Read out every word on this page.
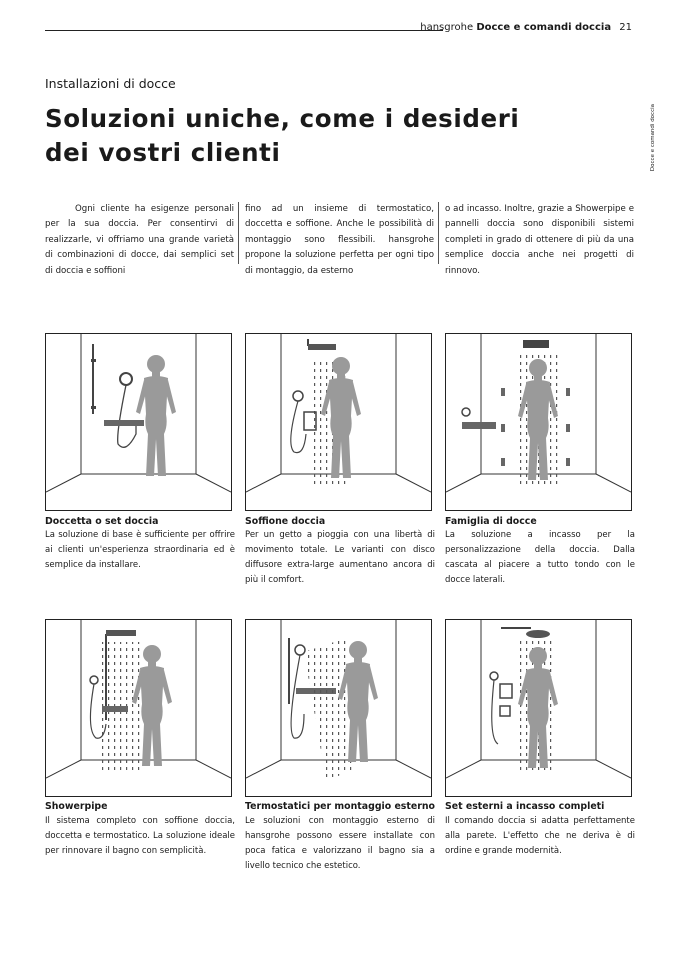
hansgrohe Docce e comandi doccia 21
Docce e comandi doccia
Installazioni di docce
Soluzioni uniche, come i desideri
dei vostri clienti
Ogni cliente ha esigenze personali per la sua doccia. Per consentirvi di realizzarle, vi offriamo una grande varietà di combinazioni di docce, dai semplici set di doccia e soffioni
fino ad un insieme di termostatico, doccetta e soffione. Anche le possibilità di montaggio sono flessibili. hansgrohe propone la soluzione perfetta per ogni tipo di montaggio, da esterno
o ad incasso. Inoltre, grazie a Showerpipe e pannelli doccia sono disponibili sistemi completi in grado di ottenere di più da una semplice doccia anche nei progetti di rinnovo.
Doccetta o set doccia
La soluzione di base è sufficiente per offrire ai clienti un'esperienza straordinaria ed è semplice da installare.
Soffione doccia
Per un getto a pioggia con una libertà di movimento totale. Le varianti con disco diffusore extra-large aumentano ancora di più il comfort.
Famiglia di docce
La soluzione a incasso per la personalizzazione della doccia. Dalla cascata al piacere a tutto tondo con le docce laterali.
Showerpipe
Il sistema completo con soffione doccia, doccetta e termostatico. La soluzione ideale per rinnovare il bagno con semplicità.
Termostatici per montaggio esterno
Le soluzioni con montaggio esterno di hansgrohe possono essere installate con poca fatica e valorizzano il bagno sia a livello tecnico che estetico.
Set esterni a incasso completi
Il comando doccia si adatta perfettamente alla parete. L'effetto che ne deriva è di ordine e grande modernità.
